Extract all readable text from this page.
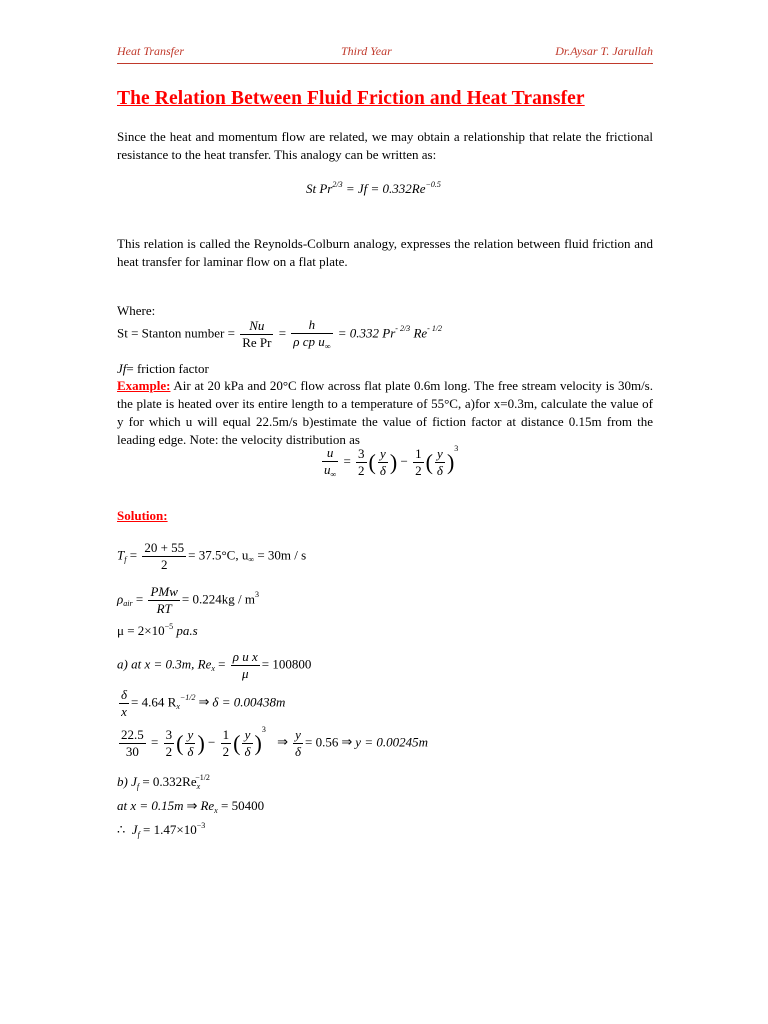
Heat Transfer	Third Year	Dr.Aysar T. Jarullah
The Relation Between Fluid Friction and Heat Transfer
Since the heat and momentum flow are related, we may obtain a relationship that relate the frictional resistance to the heat transfer. This analogy can be written as:
St $Pr^{2/3} = Jf = 0.332Re^{-0.5}$
This relation is called the Reynolds-Colburn analogy, expresses the relation between fluid friction and heat transfer for laminar flow on a flat plate.
Where:
St = Stanton number = $\frac{Nu}{\text{Re Pr}} = \frac{h}{\rho cp u_\infty} = 0.332$ $Pr^{- 2/3}$ $Re^{- 1/2}$
Jf= friction factor
Example: Air at 20 kPa and 20°C flow across flat plate 0.6m long. The free stream velocity is 30m/s. the plate is heated over its entire length to a temperature of 55°C, a)for x=0.3m, calculate the value of y for which u will equal 22.5m/s b)estimate the value of fiction factor at distance 0.15m from the leading edge. Note: the velocity distribution as
$\frac{u}{u_\infty} = \frac{3}{2}$ ( $\frac{y}{\delta}$ ) − $\frac{1}{2}$ ( $\frac{y}{\delta} )^3$
Solution:
$T_f = \frac{20 + 55}{2} = 37.5^\circ C$, $u_\infty = 30m / s$
$\rho_{air} = \frac{\text{PMw}}{RT} = 0.224kg / m^3$
$\mu = 2\times 10^{-5}$ pa.s
a) at x = 0.3m, $Re_x = \frac{\text{ρ u x}}{\mu} = 100800$
$\frac{\delta}{x} = 4.64$ $R_x^{-1/2}$ ⇒ δ = 0.00438m
$\frac{22.5}{30} = \frac{3}{2}$ ( $\frac{y}{\delta}$ ) − $\frac{1}{2}$ ( $\frac{y}{\delta} )^3$ ⇒ $\frac{y}{\delta} = 0.56$ ⇒ y = 0.00245m
b) $J_f = 0.332Re_x^{-1/2}$
at x = 0.15m ⇒ $Re_x = 50400$
∴ $J_f = 1.47\times 10^{-3}$
